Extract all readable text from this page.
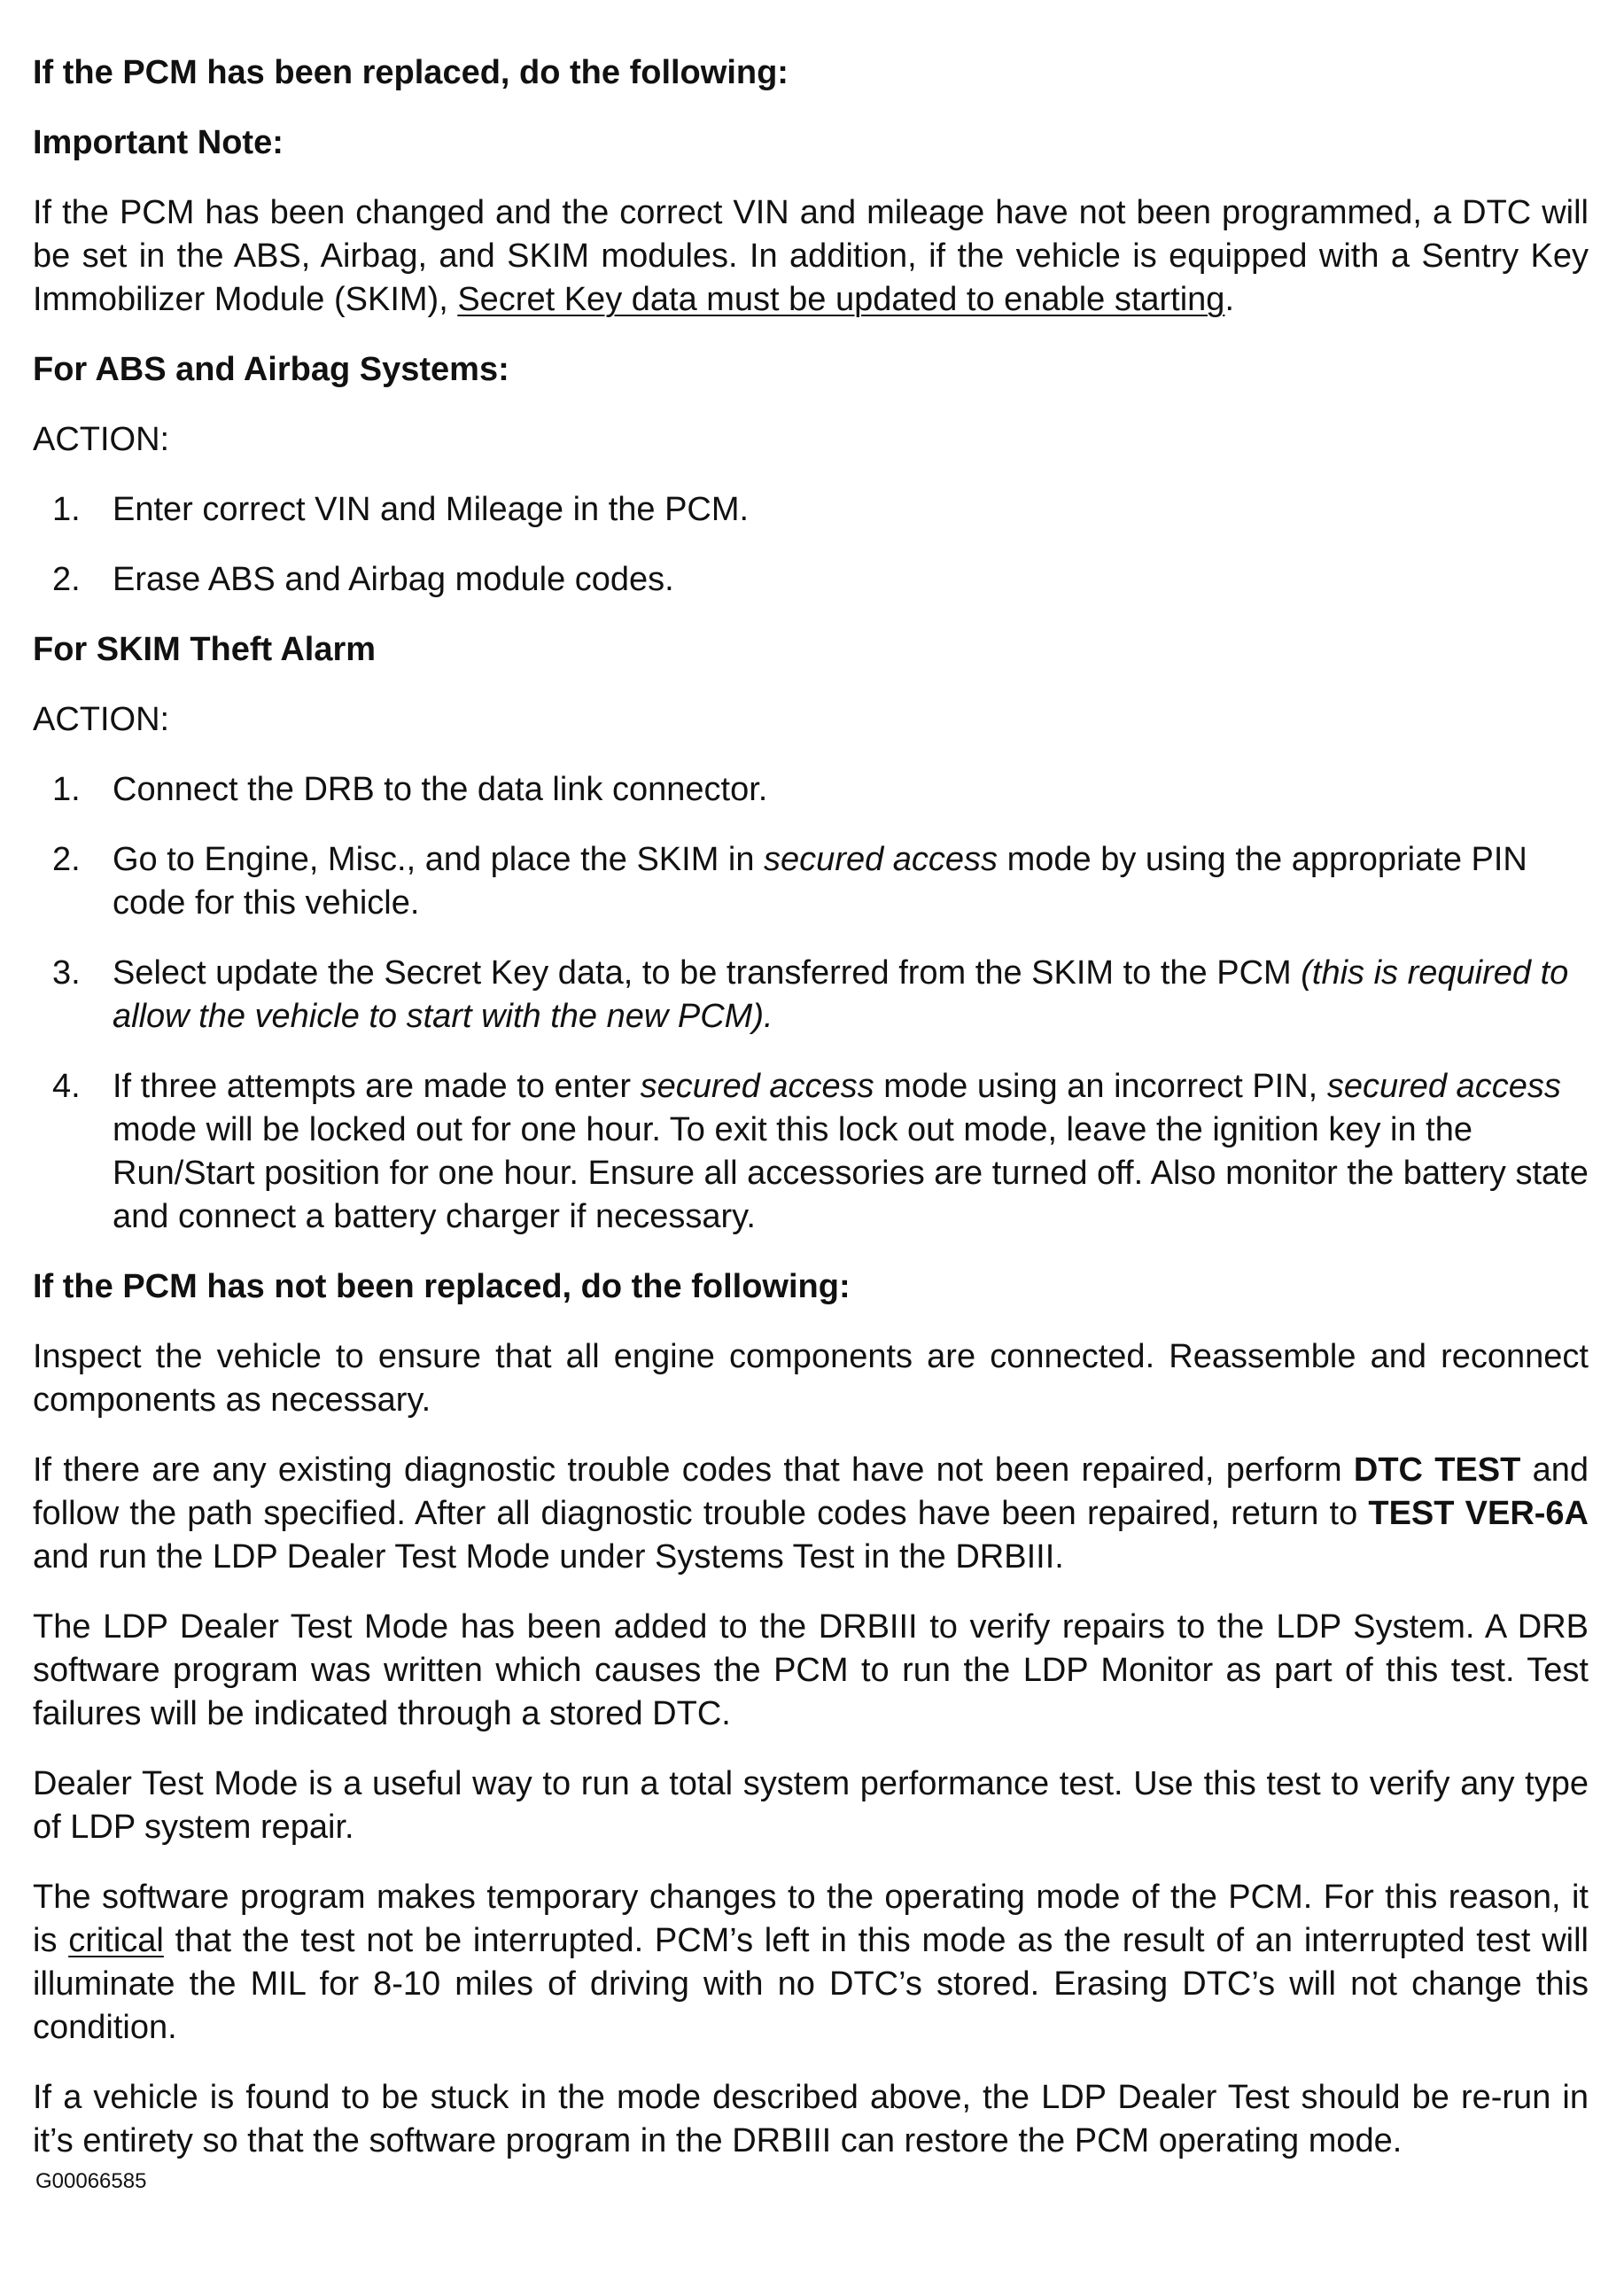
If the PCM has been replaced, do the following:

Important Note:

If the PCM has been changed and the correct VIN and mileage have not been programmed, a DTC will be set in the ABS, Airbag, and SKIM modules. In addition, if the vehicle is equipped with a Sentry Key Immobilizer Module (SKIM), Secret Key data must be updated to enable starting.

For ABS and Airbag Systems:

ACTION:

1. Enter correct VIN and Mileage in the PCM.
2. Erase ABS and Airbag module codes.

For SKIM Theft Alarm

ACTION:

1. Connect the DRB to the data link connector.
2. Go to Engine, Misc., and place the SKIM in secured access mode by using the appropriate PIN code for this vehicle.
3. Select update the Secret Key data, to be transferred from the SKIM to the PCM (this is required to allow the vehicle to start with the new PCM).
4. If three attempts are made to enter secured access mode using an incorrect PIN, secured access mode will be locked out for one hour. To exit this lock out mode, leave the ignition key in the Run/Start position for one hour. Ensure all accessories are turned off. Also monitor the battery state and connect a battery charger if necessary.

If the PCM has not been replaced, do the following:

Inspect the vehicle to ensure that all engine components are connected. Reassemble and reconnect components as necessary.

If there are any existing diagnostic trouble codes that have not been repaired, perform DTC TEST and follow the path specified. After all diagnostic trouble codes have been repaired, return to TEST VER-6A and run the LDP Dealer Test Mode under Systems Test in the DRBIII.

The LDP Dealer Test Mode has been added to the DRBIII to verify repairs to the LDP System. A DRB software program was written which causes the PCM to run the LDP Monitor as part of this test. Test failures will be indicated through a stored DTC.

Dealer Test Mode is a useful way to run a total system performance test. Use this test to verify any type of LDP system repair.

The software program makes temporary changes to the operating mode of the PCM. For this reason, it is critical that the test not be interrupted. PCM’s left in this mode as the result of an interrupted test will illuminate the MIL for 8-10 miles of driving with no DTC’s stored. Erasing DTC’s will not change this condition.

If a vehicle is found to be stuck in the mode described above, the LDP Dealer Test should be re-run in it’s entirety so that the software program in the DRBIII can restore the PCM operating mode.

G00066585
